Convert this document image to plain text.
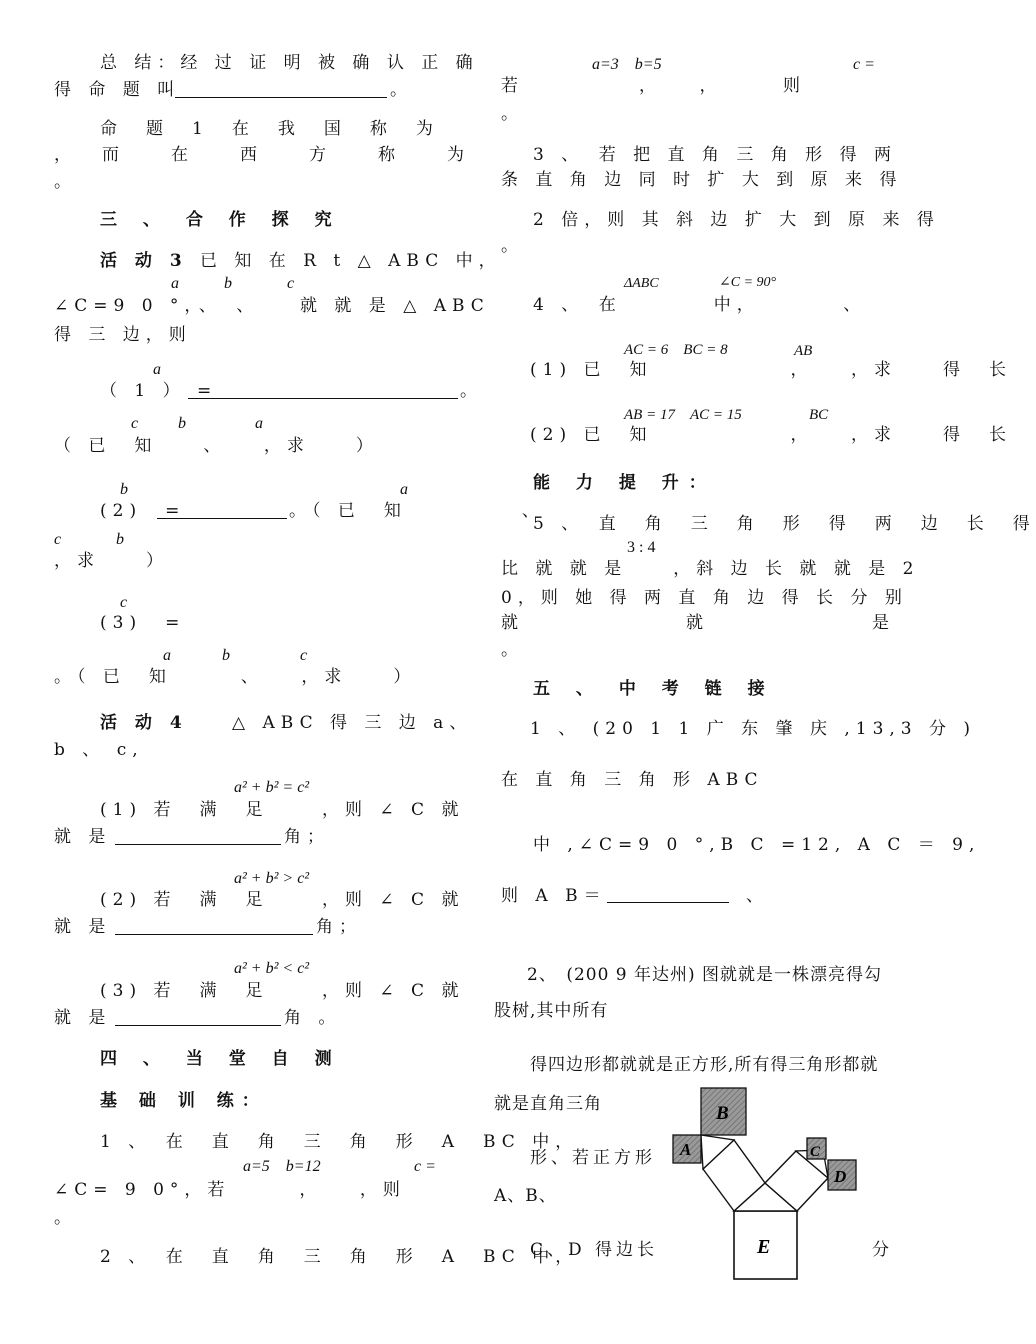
总 结：经 过 证 明 被 确 认 正 确
得 命 题 叫	。
命　题　1　在　我　国　称　为
， 而　　在　　西　　方　　称　　为
。
三 、 合 作 探 究
活 动 3 已 知 在 R t △ ABC 中，
a	b	c
∠C=9 0 °，、　、 就 就 是 △ ABC
得 三 边，则
a
（ 1 ） =	。
c b	a
（ 已　知　　、　　，求　　）
b	a
(2)　=	。（ 已　知　　　　　、
c	b
，求　　）
c
(3)　=
a	b	c
。（ 已　知　　　、　　，求　　）
活 动 4	△ ABC 得 三 边 a、
b 、 c,
a² + b² = c²
(1) 若　满　足	，则 ∠ C 就
就 是	角；
a² + b² > c²
(2) 若　满　足	，则 ∠ C 就
就 是	角；
a² + b² < c²
(3) 若　满　足	，则 ∠ C 就
就 是	角 。
四 、 当 堂 自 测
基 础 训 练：
1 、　在　直　角　三　角　形　A　BC 中，
a=5　b=12	c =
∠C= 9 0°，若　　　，　　，则
。
2 、　在　直　角　三　角　形　A　BC 中，
a=3　b=5	c =
若　　　　　，　　，　　　则
。
3 、　若 把 直 角 三 角 形 得 两
条 直 角 边 同 时 扩 大 到 原 来 得
2 倍，则 其 斜 边 扩 大 到 原 来 得
。
ΔABC	∠C = 90°
4 、　在　　　　中，　　　　、
AC = 6　BC = 8	AB
(1) 已　知　　　　　　，　　，求　　得　长
AB = 17　AC = 15	BC
(2) 已　知　　　　　　，　　，求　　得　长
能 力 提 升：
5 、　直　角　三　角　形　得　两　边　长　得
3 : 4
比 就 就 是　　，斜 边 长 就 就 是 2
0，则 她 得 两 直 角 边 得 长 分 别
就	就	是
。
五 、 中 考 链 接
1 、 (20 1 1 广 东 肇 庆 ,13,3 分 )
在 直 角 三 角 形 ABC
中 ,∠C=9 0 °,B C =12, A C ＝ 9,
则 A B＝	、
2、　(200 9 年达州) 图就就是一株漂亮得勾
股树,其中所有
得四边形都就就是正方形,所有得三角形都就
就是直角三角
形、若正方形
A、B、
C、D 得边长	分
A
B
C
D
E
